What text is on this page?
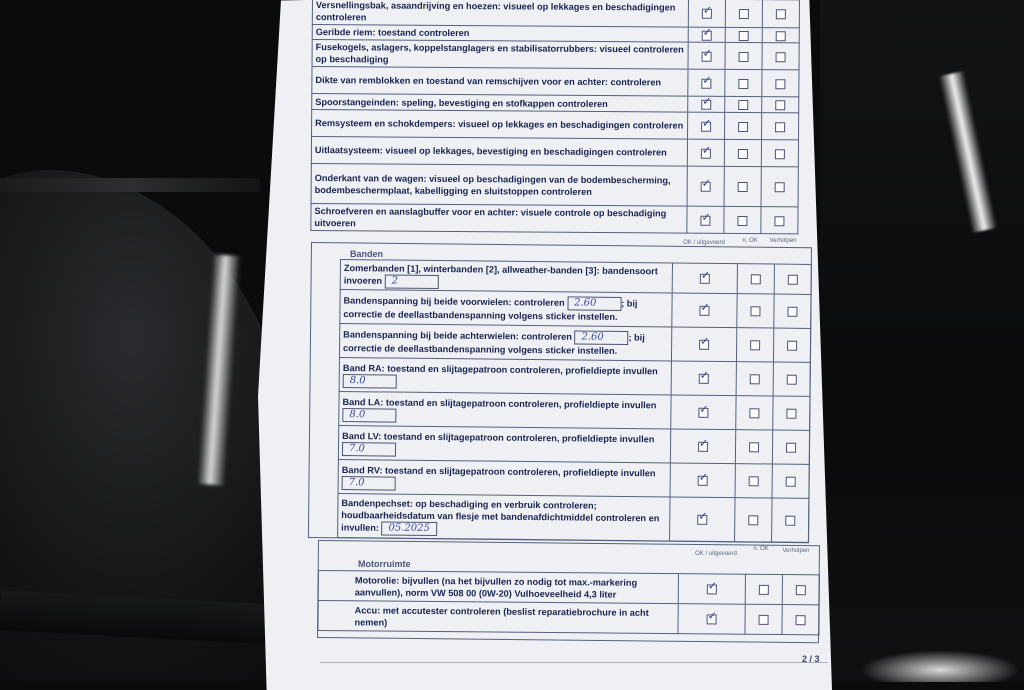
Versnellingsbak, asaandrijving en hoezen: visueel op lekkages en beschadigingen controleren	✓		
Geribde riem: toestand controleren	✓		
Fusekogels, aslagers, koppelstanglagers en stabilisatorrubbers: visueel controleren op beschadiging	✓		
Dikte van remblokken en toestand van remschijven voor en achter: controleren	✓		
Spoorstangeinden: speling, bevestiging en stofkappen controleren	✓		
Remsysteem en schokdempers: visueel op lekkages en beschadigingen controleren	✓		
Uitlaatsysteem: visueel op lekkages, bevestiging en beschadigingen controleren	✓		
Onderkant van de wagen: visueel op beschadigingen van de bodembescherming, bodembeschermplaat, kabelligging en sluitstoppen controleren	✓		
Schroefveren en aanslagbuffer voor en achter: visuele controle op beschadiging uitvoeren	✓		
Banden
OK / uitgevoerd	n. OK	Verholpen
Zomerbanden [1], winterbanden [2], allweather-banden [3]: bandensoort invoeren 2	✓		
Bandenspanning bij beide voorwielen: controleren 2.60 ; bij correctie de deellastbandenspanning volgens sticker instellen.	✓		
Bandenspanning bij beide achterwielen: controleren 2.60 ; bij correctie de deellastbandenspanning volgens sticker instellen.	✓		
Band RA: toestand en slijtagepatroon controleren, profieldiepte invullen 8.0	✓		
Band LA: toestand en slijtagepatroon controleren, profieldiepte invullen 8.0	✓		
Band LV: toestand en slijtagepatroon controleren, profieldiepte invullen 7.0	✓		
Band RV: toestand en slijtagepatroon controleren, profieldiepte invullen 7.0	✓		
Bandenpechset: op beschadiging en verbruik controleren; houdbaarheidsdatum van flesje met bandenafdichtmiddel controleren en invullen: 05.2025	✓		
Motorruimte
OK / uitgevoerd
n. OK	Verholpen
Motorolie: bijvullen (na het bijvullen zo nodig tot max.-markering aanvullen), norm VW 508 00 (0W-20) Vulhoeveelheid 4,3 liter	✓		
Accu: met accutester controleren (beslist reparatiebrochure in acht nemen)	✓		
2 / 3
